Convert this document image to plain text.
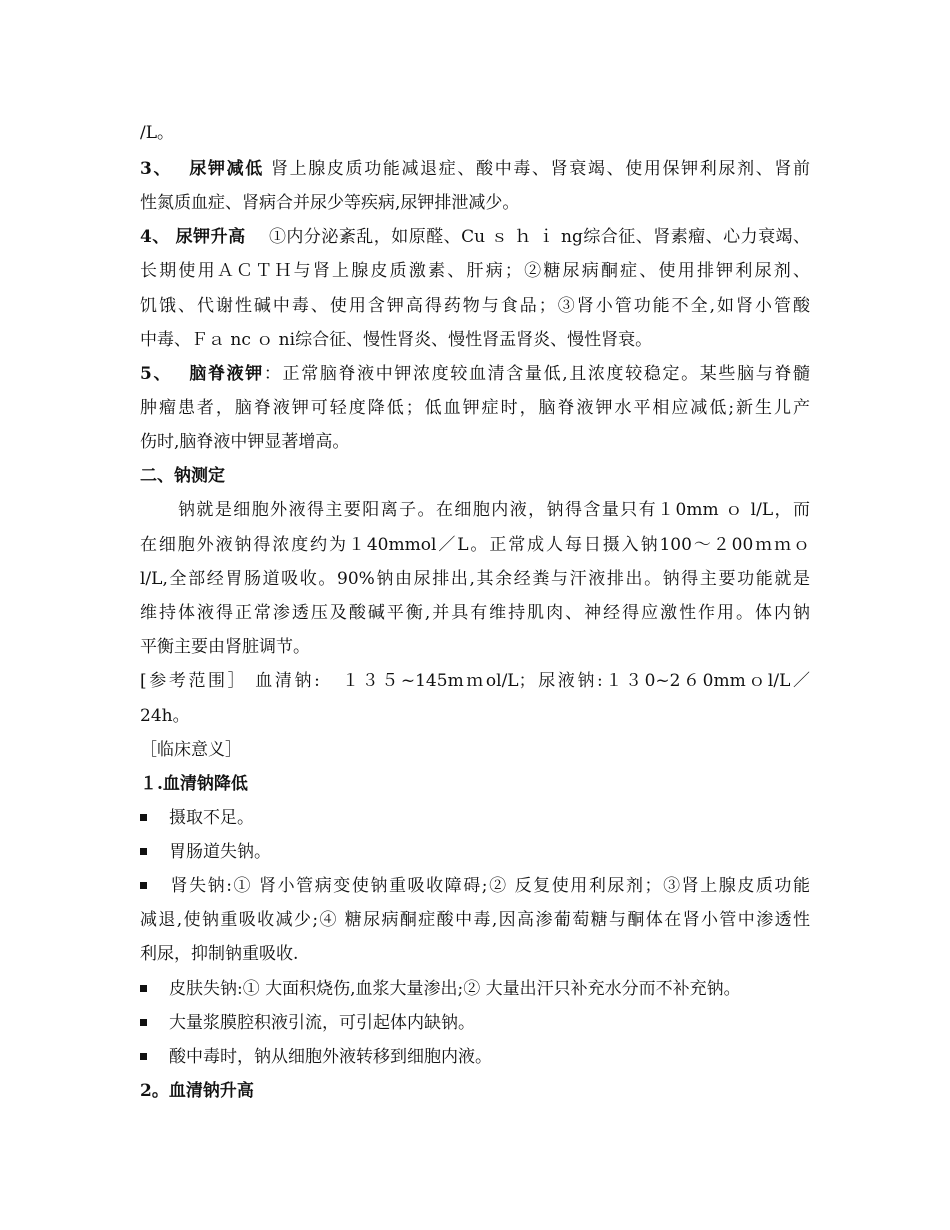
/L。
3、　 尿钾减低 肾上腺皮质功能减退症、酸中毒、肾衰竭、使用保钾利尿剂、肾前
性氮质血症、肾病合并尿少等疾病,尿钾排泄减少。
4、 尿钾升高　 ①内分泌紊乱，如原醛、Cu ｓ ｈ ｉ ng综合征、肾素瘤、心力衰竭、
长期使用ＡＣＴＨ与肾上腺皮质激素、肝病；②糖尿病酮症、使用排钾利尿剂、
饥饿、代谢性碱中毒、使用含钾高得药物与食品；③肾小管功能不全,如肾小管酸
中毒、Ｆａ nc ｏ ni综合征、慢性肾炎、慢性肾盂肾炎、慢性肾衰。
5、　 脑脊液钾：正常脑脊液中钾浓度较血清含量低,且浓度较稳定。某些脑与脊髓
肿瘤患者，脑脊液钾可轻度降低；低血钾症时，脑脊液钾水平相应减低;新生儿产
伤时,脑脊液中钾显著增高。
二、钠测定
钠就是细胞外液得主要阳离子。在细胞内液，钠得含量只有１0mm ｏ l/L，而
在细胞外液钠得浓度约为１40mmol／L。正常成人每日摄入钠100～２00ｍｍｏ
l/L,全部经胃肠道吸收。90%钠由尿排出,其余经粪与汗液排出。钠得主要功能就是
维持体液得正常渗透压及酸碱平衡,并具有维持肌肉、神经得应激性作用。体内钠
平衡主要由肾脏调节。
[参考范围］ 血清钠:　１３５~145mｍol/L；尿液钠:１３0~2６0mmｏl/L／
24h。
［临床意义］
１.血清钠降低
摄取不足。
胃肠道失钠。
肾失钠:① 肾小管病变使钠重吸收障碍;② 反复使用利尿剂；③肾上腺皮质功能
减退,使钠重吸收减少;④ 糖尿病酮症酸中毒,因高渗葡萄糖与酮体在肾小管中渗透性
利尿，抑制钠重吸收.
皮肤失钠:① 大面积烧伤,血浆大量渗出;② 大量出汗只补充水分而不补充钠。
大量浆膜腔积液引流，可引起体内缺钠。
酸中毒时，钠从细胞外液转移到细胞内液。
2。血清钠升高
